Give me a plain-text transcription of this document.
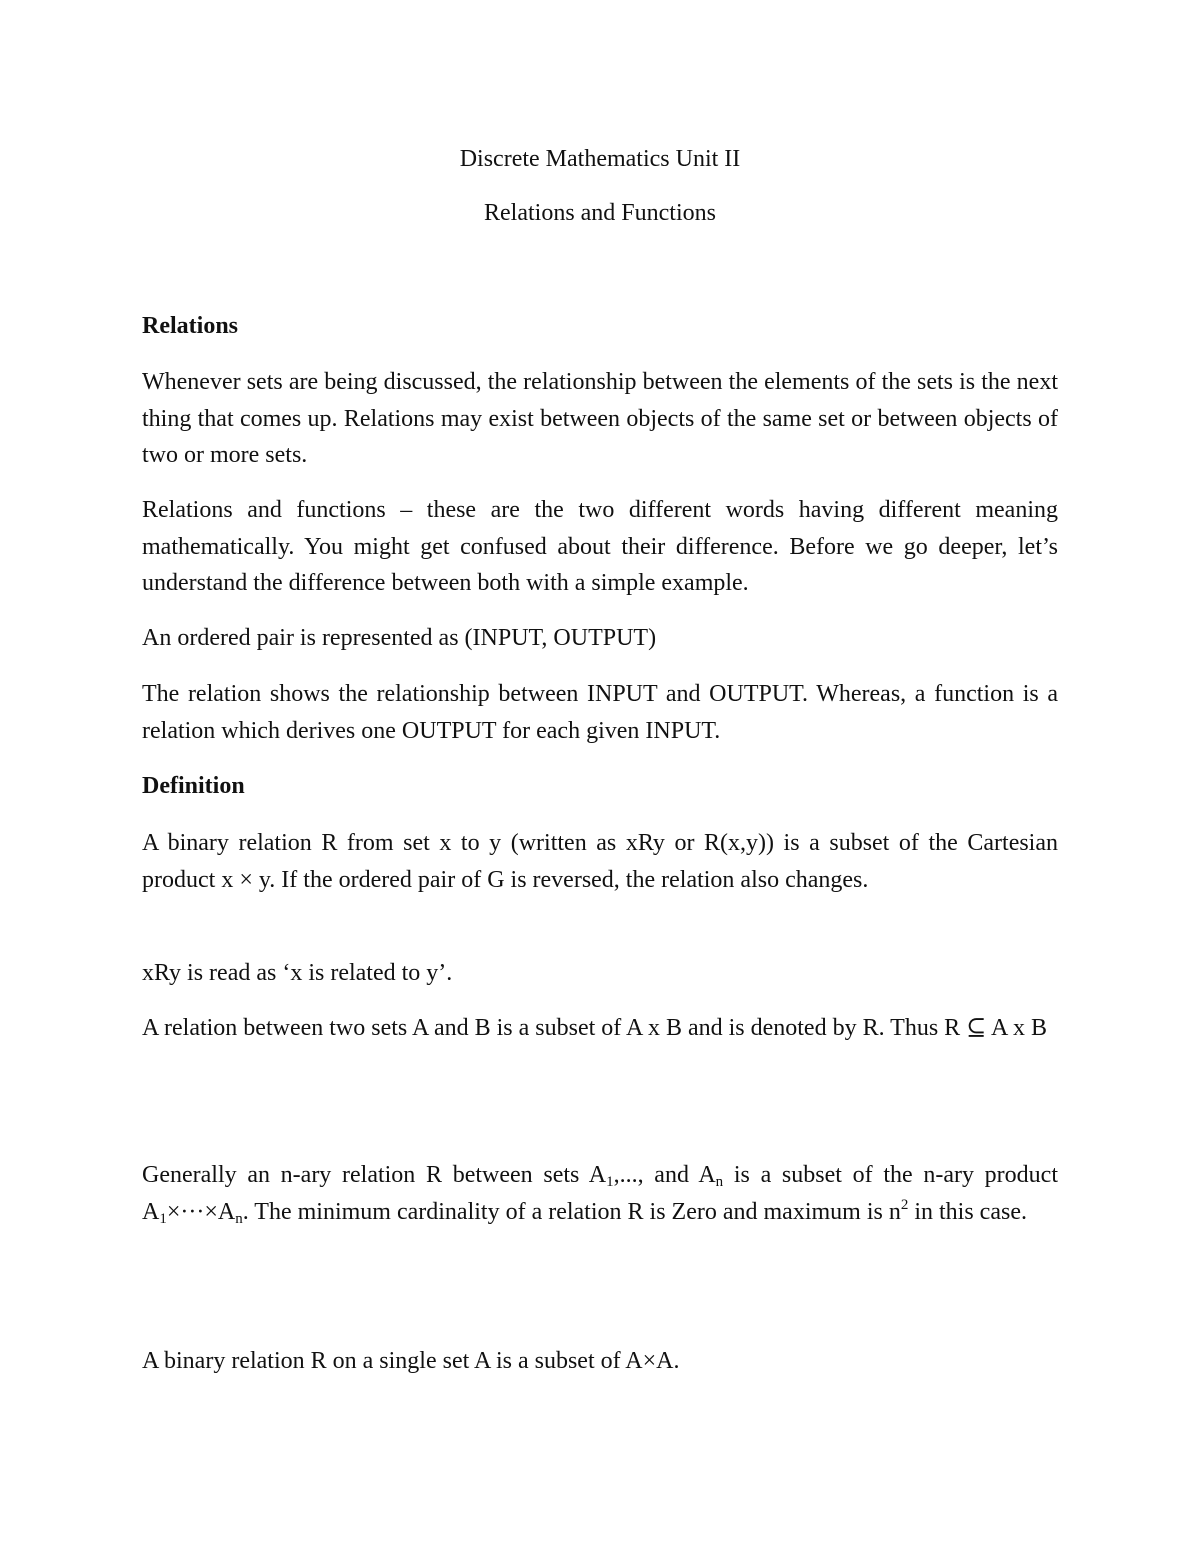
Discrete Mathematics Unit II
Relations and Functions
Relations

Whenever sets are being discussed, the relationship between the elements of the sets is the next thing that comes up. Relations may exist between objects of the same set or between objects of two or more sets.

Relations and functions – these are the two different words having different meaning mathematically. You might get confused about their difference. Before we go deeper, let’s understand the difference between both with a simple example.

An ordered pair is represented as (INPUT, OUTPUT)

The relation shows the relationship between INPUT and OUTPUT. Whereas, a function is a relation which derives one OUTPUT for each given INPUT.

Definition

A binary relation R from set x to y (written as xRy or R(x,y)) is a subset of the Cartesian product x × y. If the ordered pair of G is reversed, the relation also changes.

xRy is read as ‘x is related to y’.

A relation between two sets A and B is a subset of A x B and is denoted by R. Thus R ⊆ A x B

Generally an n-ary relation R between sets $A_1$,..., and $A_n$ is a subset of the n-ary product $A_1\times\cdot\cdot\cdot\times A_n$. The minimum cardinality of a relation R is Zero and maximum is $n^2$ in this case.

A binary relation R on a single set A is a subset of A×A.
